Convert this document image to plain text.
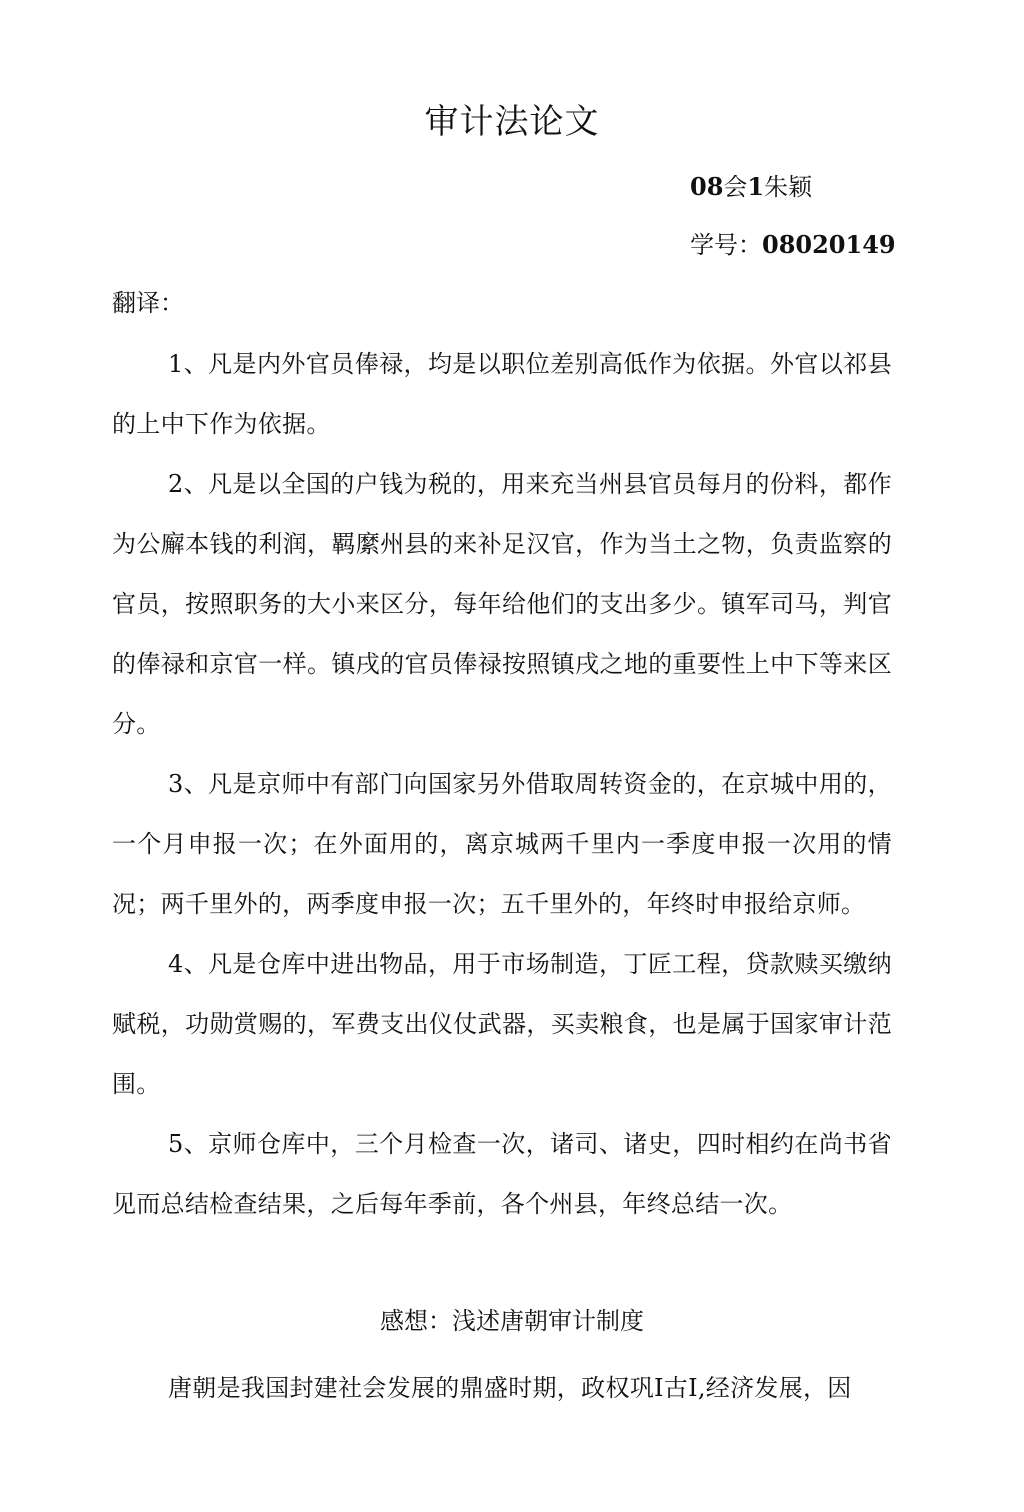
审计法论文
08会1朱颖
学号：08020149
翻译：

1、凡是内外官员俸禄，均是以职位差别高低作为依据。外官以祁县的上中下作为依据。

2、凡是以全国的户钱为税的，用来充当州县官员每月的份料，都作为公廨本钱的利润，羁縻州县的来补足汉官，作为当土之物，负责监察的官员，按照职务的大小来区分，每年给他们的支出多少。镇军司马，判官的俸禄和京官一样。镇戌的官员俸禄按照镇戌之地的重要性上中下等来区分。

3、凡是京师中有部门向国家另外借取周转资金的，在京城中用的，一个月申报一次；在外面用的，离京城两千里内一季度申报一次用的情况；两千里外的，两季度申报一次；五千里外的，年终时申报给京师。

4、凡是仓库中进出物品，用于市场制造，丁匠工程，贷款赎买缴纳赋税，功勋赏赐的，军费支出仪仗武器，买卖粮食，也是属于国家审计范围。

5、京师仓库中，三个月检查一次，诸司、诸史，四时相约在尚书省见而总结检查结果，之后每年季前，各个州县，年终总结一次。

感想：浅述唐朝审计制度

唐朝是我国封建社会发展的鼎盛时期，政权巩I古I,经济发展，因
